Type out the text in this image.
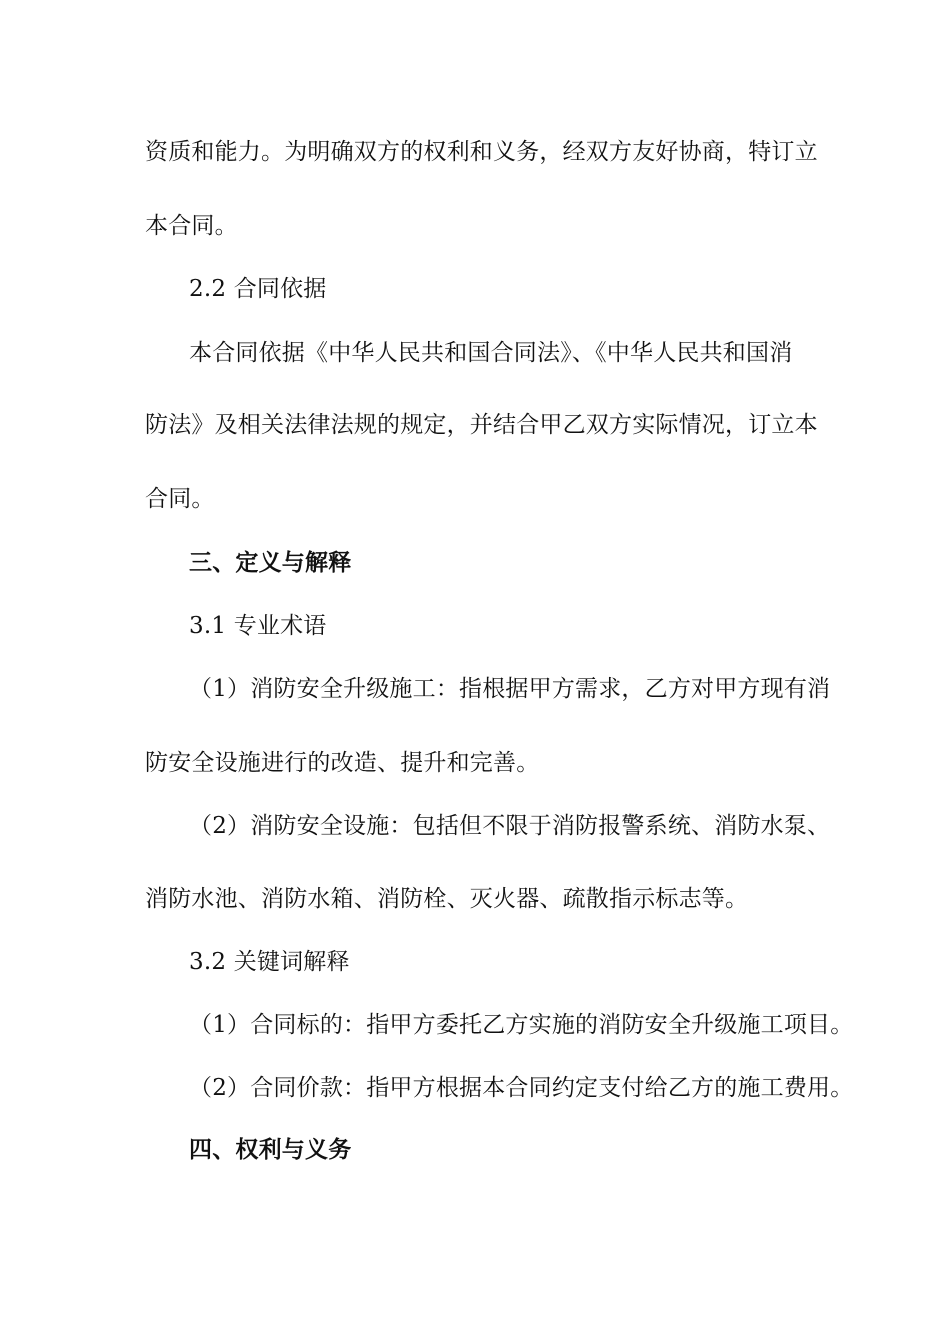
资质和能力。为明确双方的权利和义务，经双方友好协商，特订立
本合同。
2.2 合同依据
本合同依据《中华人民共和国合同法》、《中华人民共和国消
防法》及相关法律法规的规定，并结合甲乙双方实际情况，订立本
合同。
三、定义与解释
3.1 专业术语
（1）消防安全升级施工：指根据甲方需求，乙方对甲方现有消
防安全设施进行的改造、提升和完善。
（2）消防安全设施：包括但不限于消防报警系统、消防水泵、
消防水池、消防水箱、消防栓、灭火器、疏散指示标志等。
3.2 关键词解释
（1）合同标的：指甲方委托乙方实施的消防安全升级施工项目。
（2）合同价款：指甲方根据本合同约定支付给乙方的施工费用。
四、权利与义务
